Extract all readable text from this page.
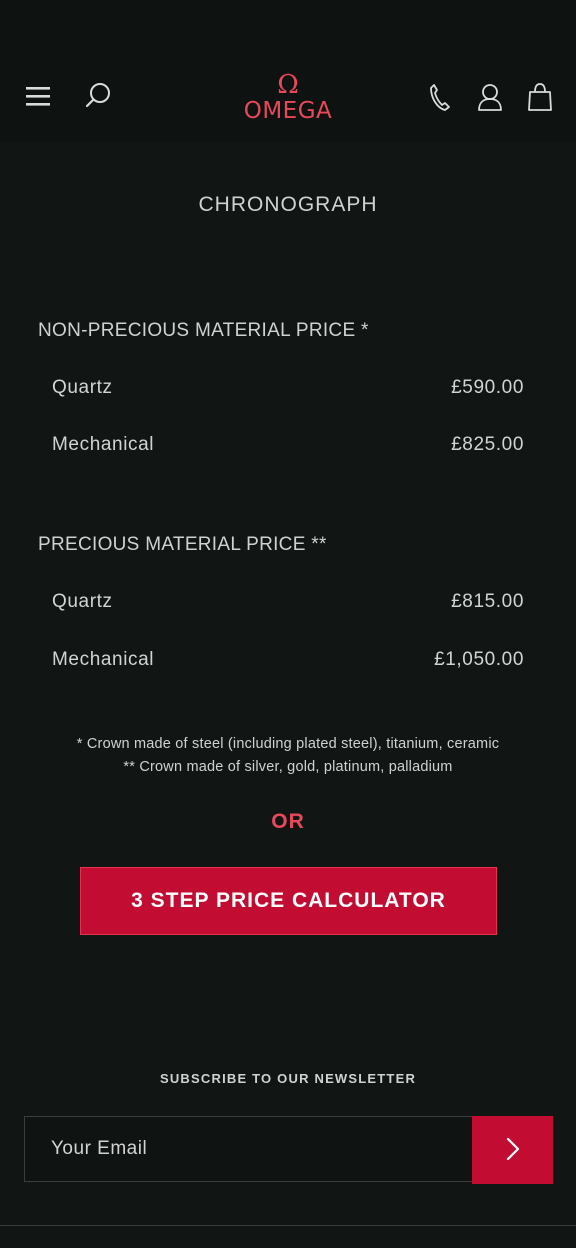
Ω
OMEGA
CHRONOGRAPH
NON-PRECIOUS MATERIAL PRICE *
Quartz	£590.00
Mechanical	£825.00
PRECIOUS MATERIAL PRICE **
Quartz	£815.00
Mechanical	£1,050.00
* Crown made of steel (including plated steel), titanium, ceramic
** Crown made of silver, gold, platinum, palladium
OR
3 STEP PRICE CALCULATOR
SUBSCRIBE TO OUR NEWSLETTER
Your Email
